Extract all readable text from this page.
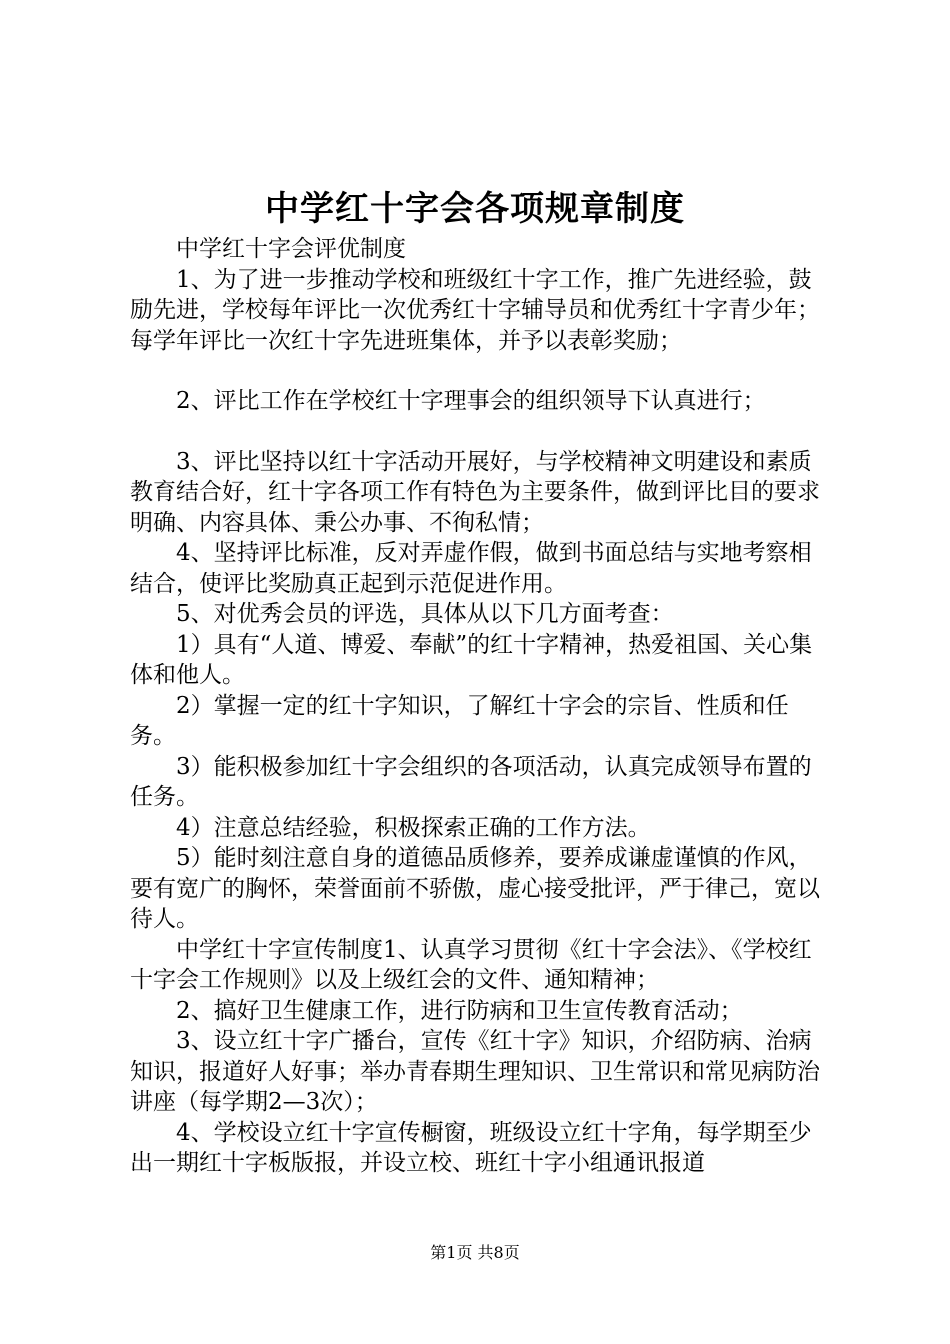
中学红十字会各项规章制度

中学红十字会评优制度

1、为了进一步推动学校和班级红十字工作，推广先进经验，鼓励先进，学校每年评比一次优秀红十字辅导员和优秀红十字青少年；每学年评比一次红十字先进班集体，并予以表彰奖励；

2、评比工作在学校红十字理事会的组织领导下认真进行；

3、评比坚持以红十字活动开展好，与学校精神文明建设和素质教育结合好，红十字各项工作有特色为主要条件，做到评比目的要求明确、内容具体、秉公办事、不徇私情；

4、坚持评比标准，反对弄虚作假，做到书面总结与实地考察相结合，使评比奖励真正起到示范促进作用。

5、对优秀会员的评选，具体从以下几方面考查：

1）具有“人道、博爱、奉献”的红十字精神，热爱祖国、关心集体和他人。

2）掌握一定的红十字知识，了解红十字会的宗旨、性质和任务。

3）能积极参加红十字会组织的各项活动，认真完成领导布置的任务。

4）注意总结经验，积极探索正确的工作方法。

5）能时刻注意自身的道德品质修养，要养成谦虚谨慎的作风，要有宽广的胸怀，荣誉面前不骄傲，虚心接受批评，严于律己，宽以待人。

中学红十字宣传制度1、认真学习贯彻《红十字会法》、《学校红十字会工作规则》以及上级红会的文件、通知精神；

2、搞好卫生健康工作，进行防病和卫生宣传教育活动；

3、设立红十字广播台，宣传《红十字》知识，介绍防病、治病知识，报道好人好事；举办青春期生理知识、卫生常识和常见病防治讲座（每学期2—3次）；

4、学校设立红十字宣传橱窗，班级设立红十字角，每学期至少出一期红十字板版报，并设立校、班红十字小组通讯报道

第1页 共8页
